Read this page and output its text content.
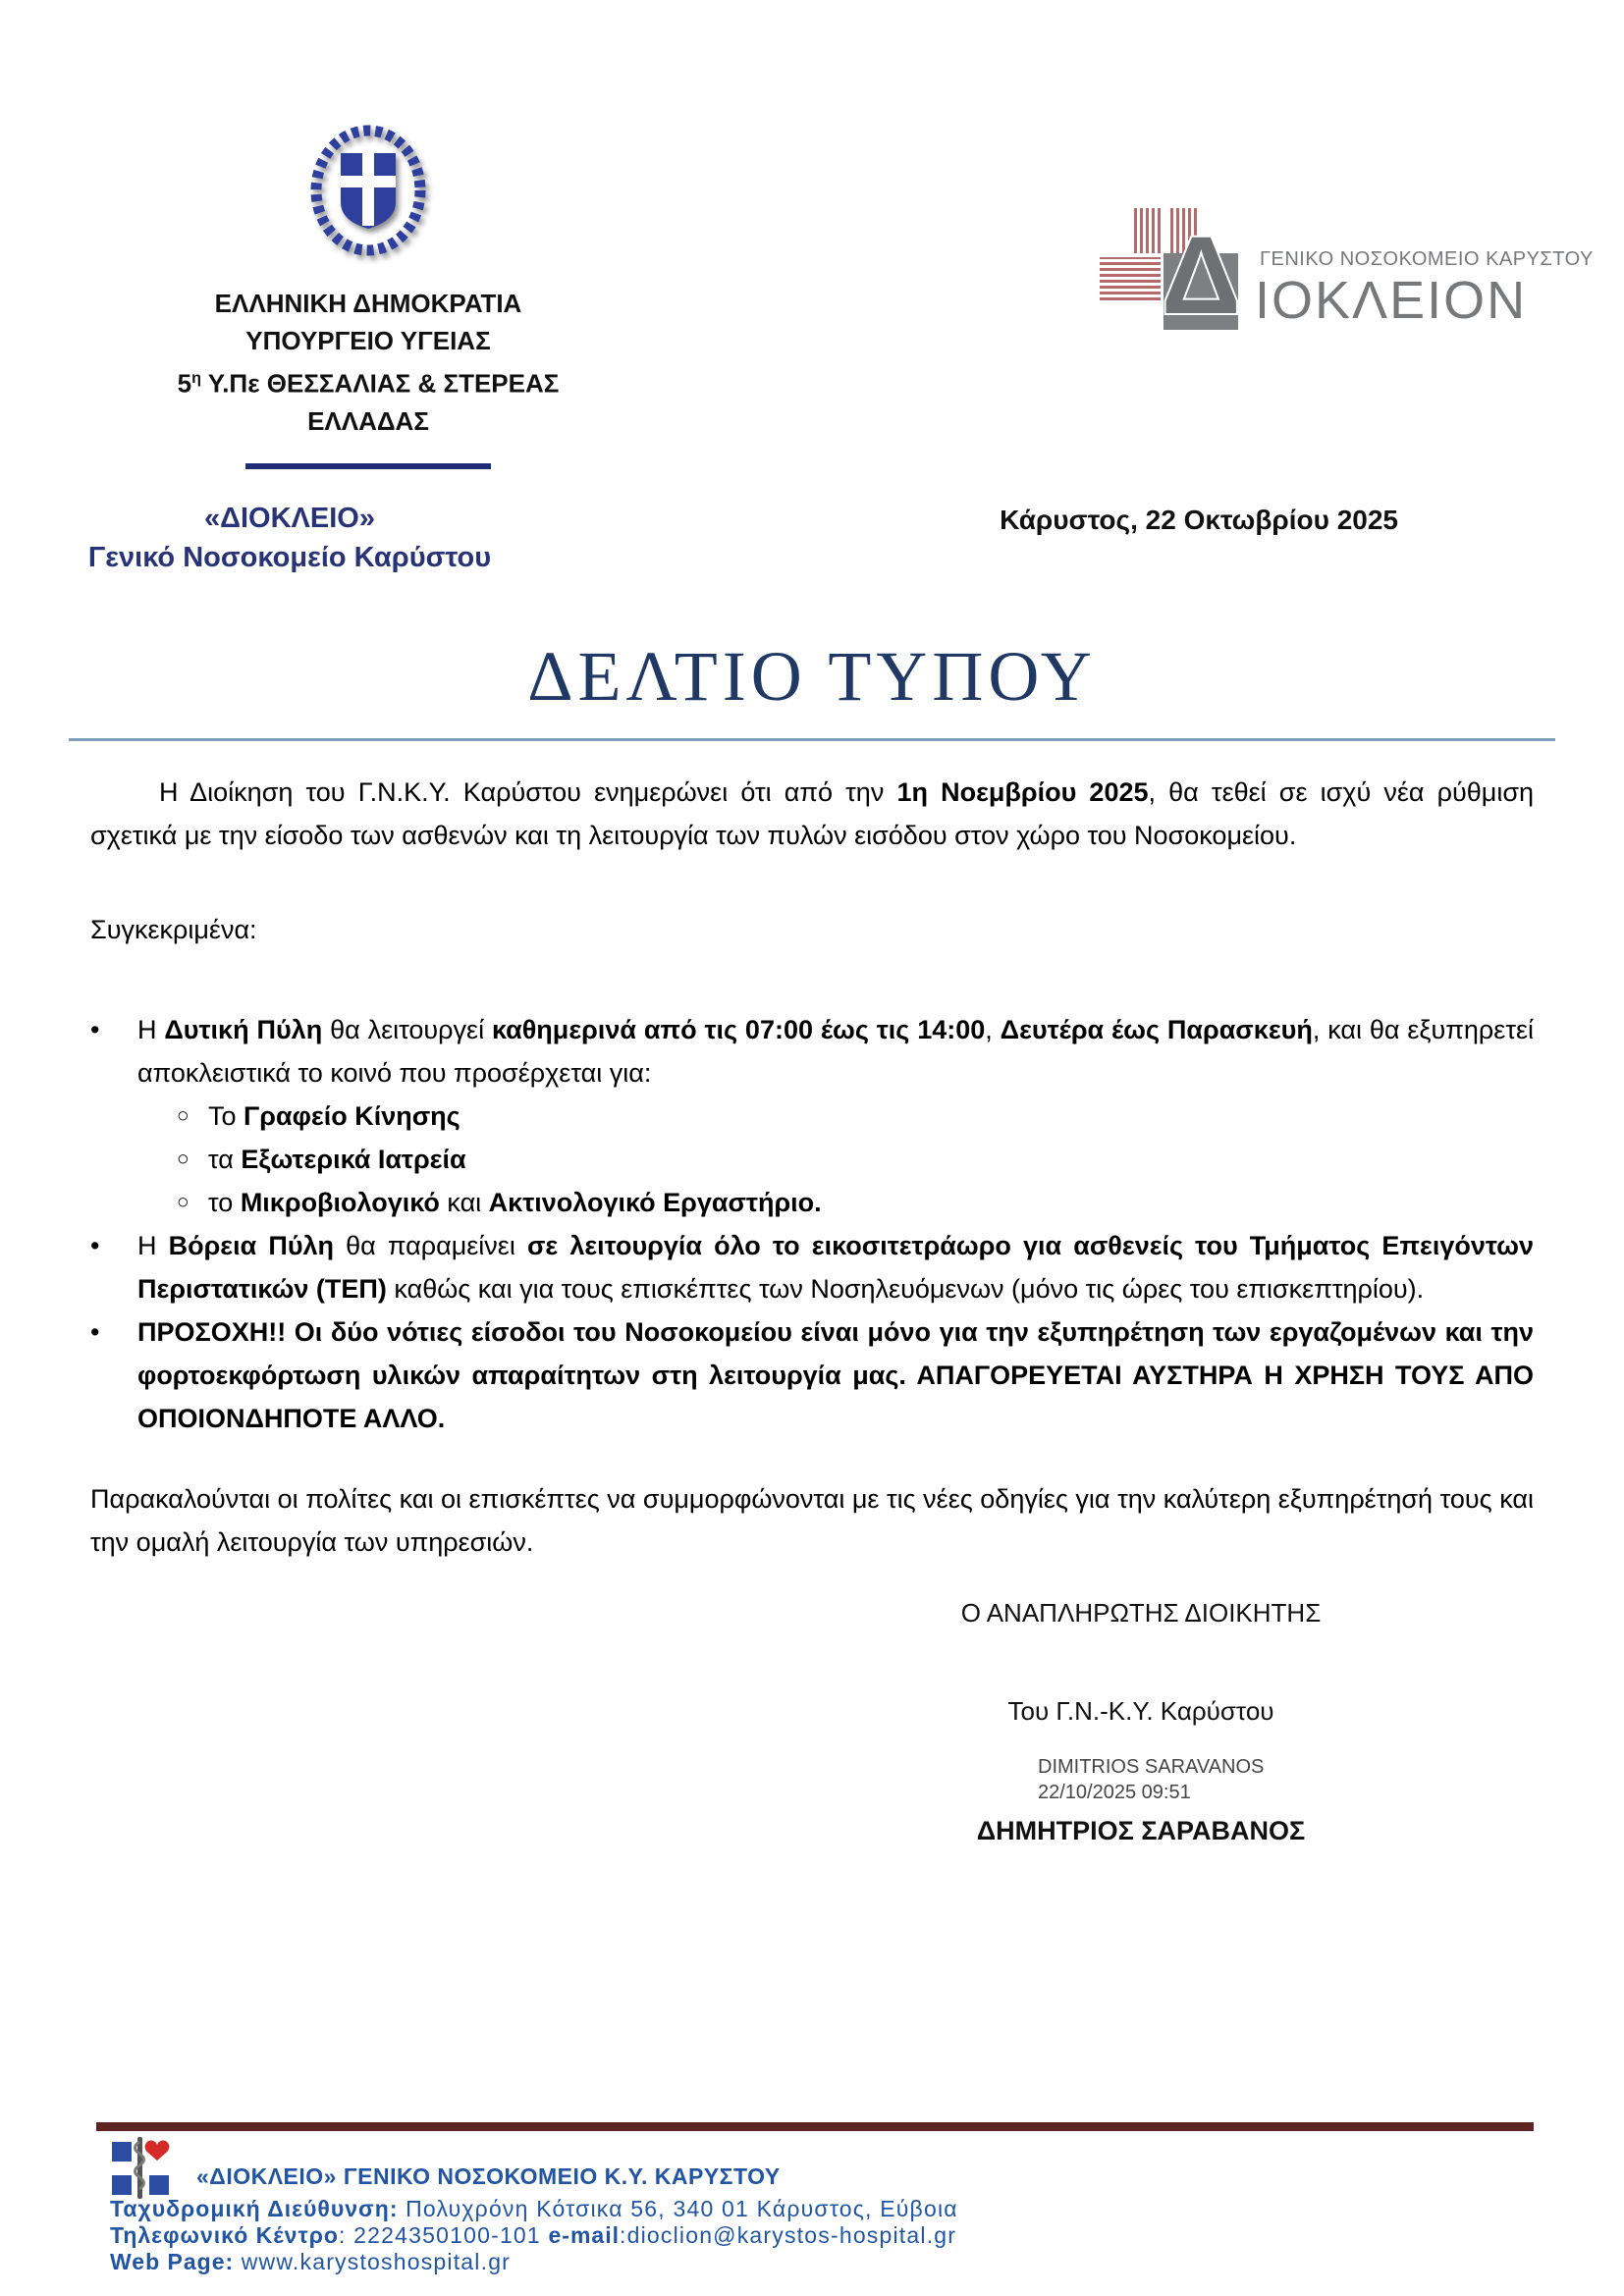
ΕΛΛΗΝΙΚΗ ΔΗΜΟΚΡΑΤΙΑ
ΥΠΟΥΡΓΕΙΟ ΥΓΕΙΑΣ
$5^\eta$ Υ.Πε ΘΕΣΣΑΛΙΑΣ & ΣΤΕΡΕΑΣ ΕΛΛΑΔΑΣ
«ΔΙΟΚΛΕΙΟ»
Γενικό Νοσοκομείο Καρύστου
Δ ΓΕΝΙΚΟ ΝΟΣΟΚΟΜΕΙΟ ΚΑΡΥΣΤΟΥ
ΙΟΚΛΕΙΟΝ
Κάρυστος, 22 Οκτωβρίου 2025
ΔΕΛΤΙΟ ΤΥΠΟΥ

Η Διοίκηση του Γ.Ν.Κ.Υ. Καρύστου ενημερώνει ότι από την 1η Νοεμβρίου 2025, θα τεθεί σε ισχύ νέα ρύθμιση σχετικά με την είσοδο των ασθενών και τη λειτουργία των πυλών εισόδου στον χώρο του Νοσοκομείου.

Συγκεκριμένα:

•	Η Δυτική Πύλη θα λειτουργεί καθημερινά από τις 07:00 έως τις 14:00, Δευτέρα έως Παρασκευή, και θα εξυπηρετεί αποκλειστικά το κοινό που προσέρχεται για:
○ Το Γραφείο Κίνησης
○ τα Εξωτερικά Ιατρεία
○ το Μικροβιολογικό και Ακτινολογικό Εργαστήριο.
•	Η Βόρεια Πύλη θα παραμείνει σε λειτουργία όλο το εικοσιτετράωρο για ασθενείς του Τμήματος Επειγόντων Περιστατικών (ΤΕΠ) καθώς και για τους επισκέπτες των Νοσηλευόμενων (μόνο τις ώρες του επισκεπτηρίου).
•	ΠΡΟΣΟΧΗ!! Οι δύο νότιες είσοδοι του Νοσοκομείου είναι μόνο για την εξυπηρέτηση των εργαζομένων και την φορτοεκφόρτωση υλικών απαραίτητων στη λειτουργία μας. ΑΠΑΓΟΡΕΥΕΤΑΙ ΑΥΣΤΗΡΑ Η ΧΡΗΣΗ ΤΟΥΣ ΑΠΟ ΟΠΟΙΟΝΔΗΠΟΤΕ ΑΛΛΟ.

Παρακαλούνται οι πολίτες και οι επισκέπτες να συμμορφώνονται με τις νέες οδηγίες για την καλύτερη εξυπηρέτησή τους και την ομαλή λειτουργία των υπηρεσιών.

Ο ΑΝΑΠΛΗΡΩΤΗΣ ΔΙΟΙΚΗΤΗΣ
Του Γ.Ν.-Κ.Υ. Καρύστου
DIMITRIOS SARAVANOS
22/10/2025 09:51
ΔΗΜΗΤΡΙΟΣ ΣΑΡΑΒΑΝΟΣ
«ΔΙΟΚΛΕΙΟ» ΓΕΝΙΚΟ ΝΟΣΟΚΟΜΕΙΟ Κ.Υ. ΚΑΡΥΣΤΟΥ
Ταχυδρομική Διεύθυνση: Πολυχρόνη Κότσικα 56, 340 01 Κάρυστος, Εύβοια
Τηλεφωνικό Κέντρο: 2224350100-101 e-mail:dioclion@karystos-hospital.gr
Web Page: www.karystoshospital.gr
